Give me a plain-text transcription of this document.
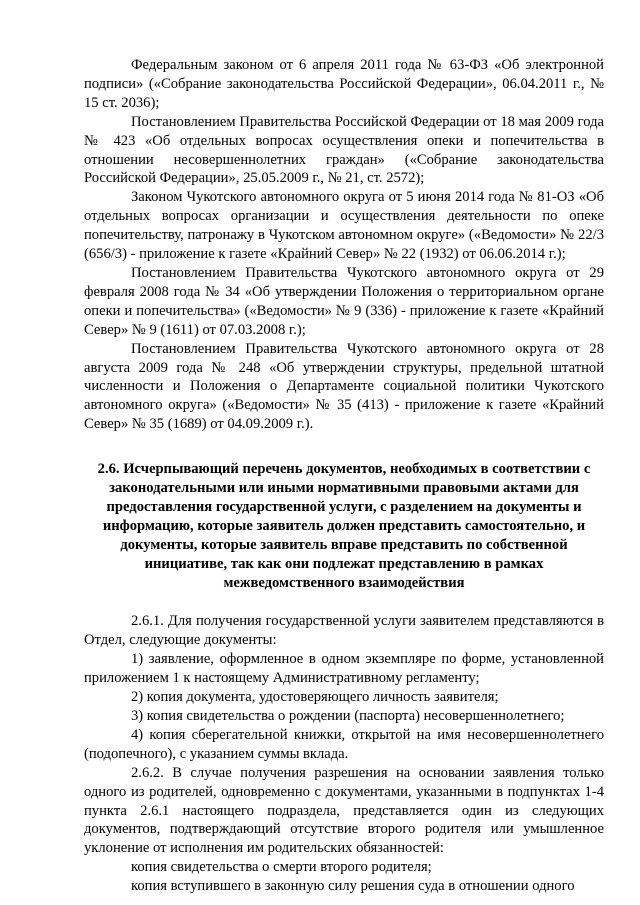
Федеральным законом от 6 апреля 2011 года № 63-ФЗ «Об электронной подписи» («Собрание законодательства Российской Федерации», 06.04.2011 г., № 15 ст. 2036);

Постановлением Правительства Российской Федерации от 18 мая 2009 года № 423 «Об отдельных вопросах осуществления опеки и попечительства в отношении несовершеннолетних граждан» («Собрание законодательства Российской Федерации», 25.05.2009 г., № 21, ст. 2572);

Законом Чукотского автономного округа от 5 июня 2014 года № 81-ОЗ «Об отдельных вопросах организации и осуществления деятельности по опеке попечительству, патронажу в Чукотском автономном округе» («Ведомости» № 22/3 (656/3) - приложение к газете «Крайний Север» № 22 (1932) от 06.06.2014 г.);

Постановлением Правительства Чукотского автономного округа от 29 февраля 2008 года № 34 «Об утверждении Положения о территориальном органе опеки и попечительства» («Ведомости» № 9 (336) - приложение к газете «Крайний Север» № 9 (1611) от 07.03.2008 г.);

Постановлением Правительства Чукотского автономного округа от 28 августа 2009 года № 248 «Об утверждении структуры, предельной штатной численности и Положения о Департаменте социальной политики Чукотского автономного округа» («Ведомости» № 35 (413) - приложение к газете «Крайний Север» № 35 (1689) от 04.09.2009 г.).

2.6. Исчерпывающий перечень документов, необходимых в соответствии с законодательными или иными нормативными правовыми актами для предоставления государственной услуги, с разделением на документы и информацию, которые заявитель должен представить самостоятельно, и документы, которые заявитель вправе представить по собственной инициативе, так как они подлежат представлению в рамках межведомственного взаимодействия

2.6.1. Для получения государственной услуги заявителем представляются в Отдел, следующие документы:

1) заявление, оформленное в одном экземпляре по форме, установленной приложением 1 к настоящему Административному регламенту;

2) копия документа, удостоверяющего личность заявителя;

3) копия свидетельства о рождении (паспорта) несовершеннолетнего;

4) копия сберегательной книжки, открытой на имя несовершеннолетнего (подопечного), с указанием суммы вклада.

2.6.2. В случае получения разрешения на основании заявления только одного из родителей, одновременно с документами, указанными в подпунктах 1-4 пункта 2.6.1 настоящего подраздела, представляется один из следующих документов, подтверждающий отсутствие второго родителя или умышленное уклонение от исполнения им родительских обязанностей:

копия свидетельства о смерти второго родителя;

копия вступившего в законную силу решения суда в отношении одного
